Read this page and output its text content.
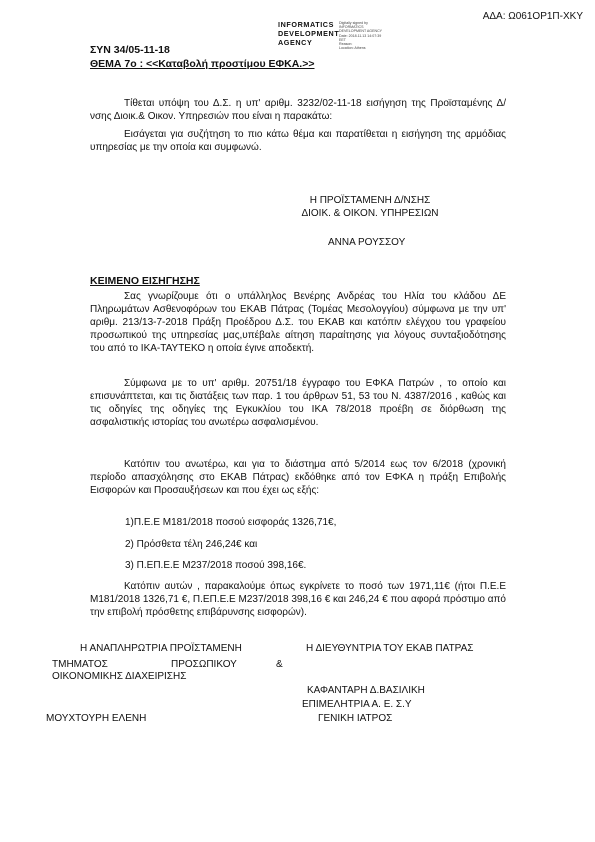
ΑΔΑ: Ω061ΟΡ1Π-ΧΚΥ
INFORMATICS
DEVELOPMENT
AGENCY
Digitally signed by
INFORMATICS
DEVELOPMENT AGENCY
Date: 2018.11.13 14:07:39
EET
Reason:
Location: Athens
ΣΥΝ 34/05-11-18
ΘΕΜΑ 7ο : <<Καταβολή προστίμου ΕΦΚΑ.>>
Τίθεται υπόψη του Δ.Σ. η υπ' αριθμ. 3232/02-11-18 εισήγηση της Προϊσταμένης Δ/νσης Διοικ.& Οικον. Υπηρεσιών που είναι η παρακάτω:
Εισάγεται για συζήτηση το πιο κάτω θέμα και παρατίθεται η εισήγηση της αρμόδιας υπηρεσίας με την οποία και συμφωνώ.
Η ΠΡΟΪΣΤΑΜΕΝΗ Δ/ΝΣΗΣ
ΔΙΟΙΚ. & ΟΙΚΟΝ. ΥΠΗΡΕΣΙΩΝ
ΑΝΝΑ ΡΟΥΣΣΟΥ
ΚΕΙΜΕΝΟ ΕΙΣΗΓΗΣΗΣ
Σας γνωρίζουμε ότι ο υπάλληλος Βενέρης Ανδρέας του Ηλία του κλάδου ΔΕ Πληρωμάτων Ασθενοφόρων του ΕΚΑΒ Πάτρας (Τομέας Μεσολογγίου) σύμφωνα με την υπ' αριθμ. 213/13-7-2018 Πράξη Προέδρου Δ.Σ. του ΕΚΑΒ και κατόπιν ελέγχου του γραφείου προσωπικού της υπηρεσίας μας,υπέβαλε αίτηση παραίτησης για λόγους συνταξιοδότησης του από το ΙΚΑ-ΤΑΥΤΕΚΟ η οποία έγινε αποδεκτή.
Σύμφωνα με το υπ' αριθμ. 20751/18 έγγραφο του ΕΦΚΑ Πατρών , το οποίο και επισυνάπτεται, και τις διατάξεις των παρ. 1 του άρθρων 51, 53 του Ν. 4387/2016 , καθώς και τις οδηγίες της οδηγίες της Εγκυκλίου του ΙΚΑ 78/2018 προέβη σε διόρθωση της ασφαλιστικής ιστορίας του ανωτέρω ασφαλισμένου.
Κατόπιν του ανωτέρω, και για το διάστημα από 5/2014 εως τον 6/2018 (χρονική περίοδο απασχόλησης στο ΕΚΑΒ Πάτρας) εκδόθηκε από τον ΕΦΚΑ η πράξη Επιβολής Εισφορών και Προσαυξήσεων και που έχει ως εξής:
1)Π.Ε.Ε Μ181/2018 ποσού εισφοράς 1326,71€,
2) Πρόσθετα τέλη 246,24€ και
3) Π.ΕΠ.Ε.Ε Μ237/2018 ποσού 398,16€.
Κατόπιν αυτών , παρακαλούμε όπως εγκρίνετε το ποσό των 1971,11€ (ήτοι Π.Ε.Ε Μ181/2018 1326,71 €, Π.ΕΠ.Ε.Ε Μ237/2018 398,16 € και 246,24 € που αφορά πρόστιμο από την επιβολή πρόσθετης επιβάρυνσης εισφορών).
Η ΑΝΑΠΛΗΡΩΤΡΙΑ ΠΡΟΪΣΤΑΜΕΝΗ
ΤΜΗΜΑΤΟΣ	ΠΡΟΣΩΠΙΚΟΥ	&
ΟΙΚΟΝΟΜΙΚΗΣ ΔΙΑΧΕΙΡΙΣΗΣ
ΜΟΥΧΤΟΥΡΗ ΕΛΕΝΗ
Η ΔΙΕΥΘΥΝΤΡΙΑ ΤΟΥ ΕΚΑΒ ΠΑΤΡΑΣ
ΚΑΦΑΝΤΑΡΗ Δ.ΒΑΣΙΛΙΚΗ
ΕΠΙΜΕΛΗΤΡΙΑ Α. Ε. Σ.Υ
ΓΕΝΙΚΗ ΙΑΤΡΟΣ
